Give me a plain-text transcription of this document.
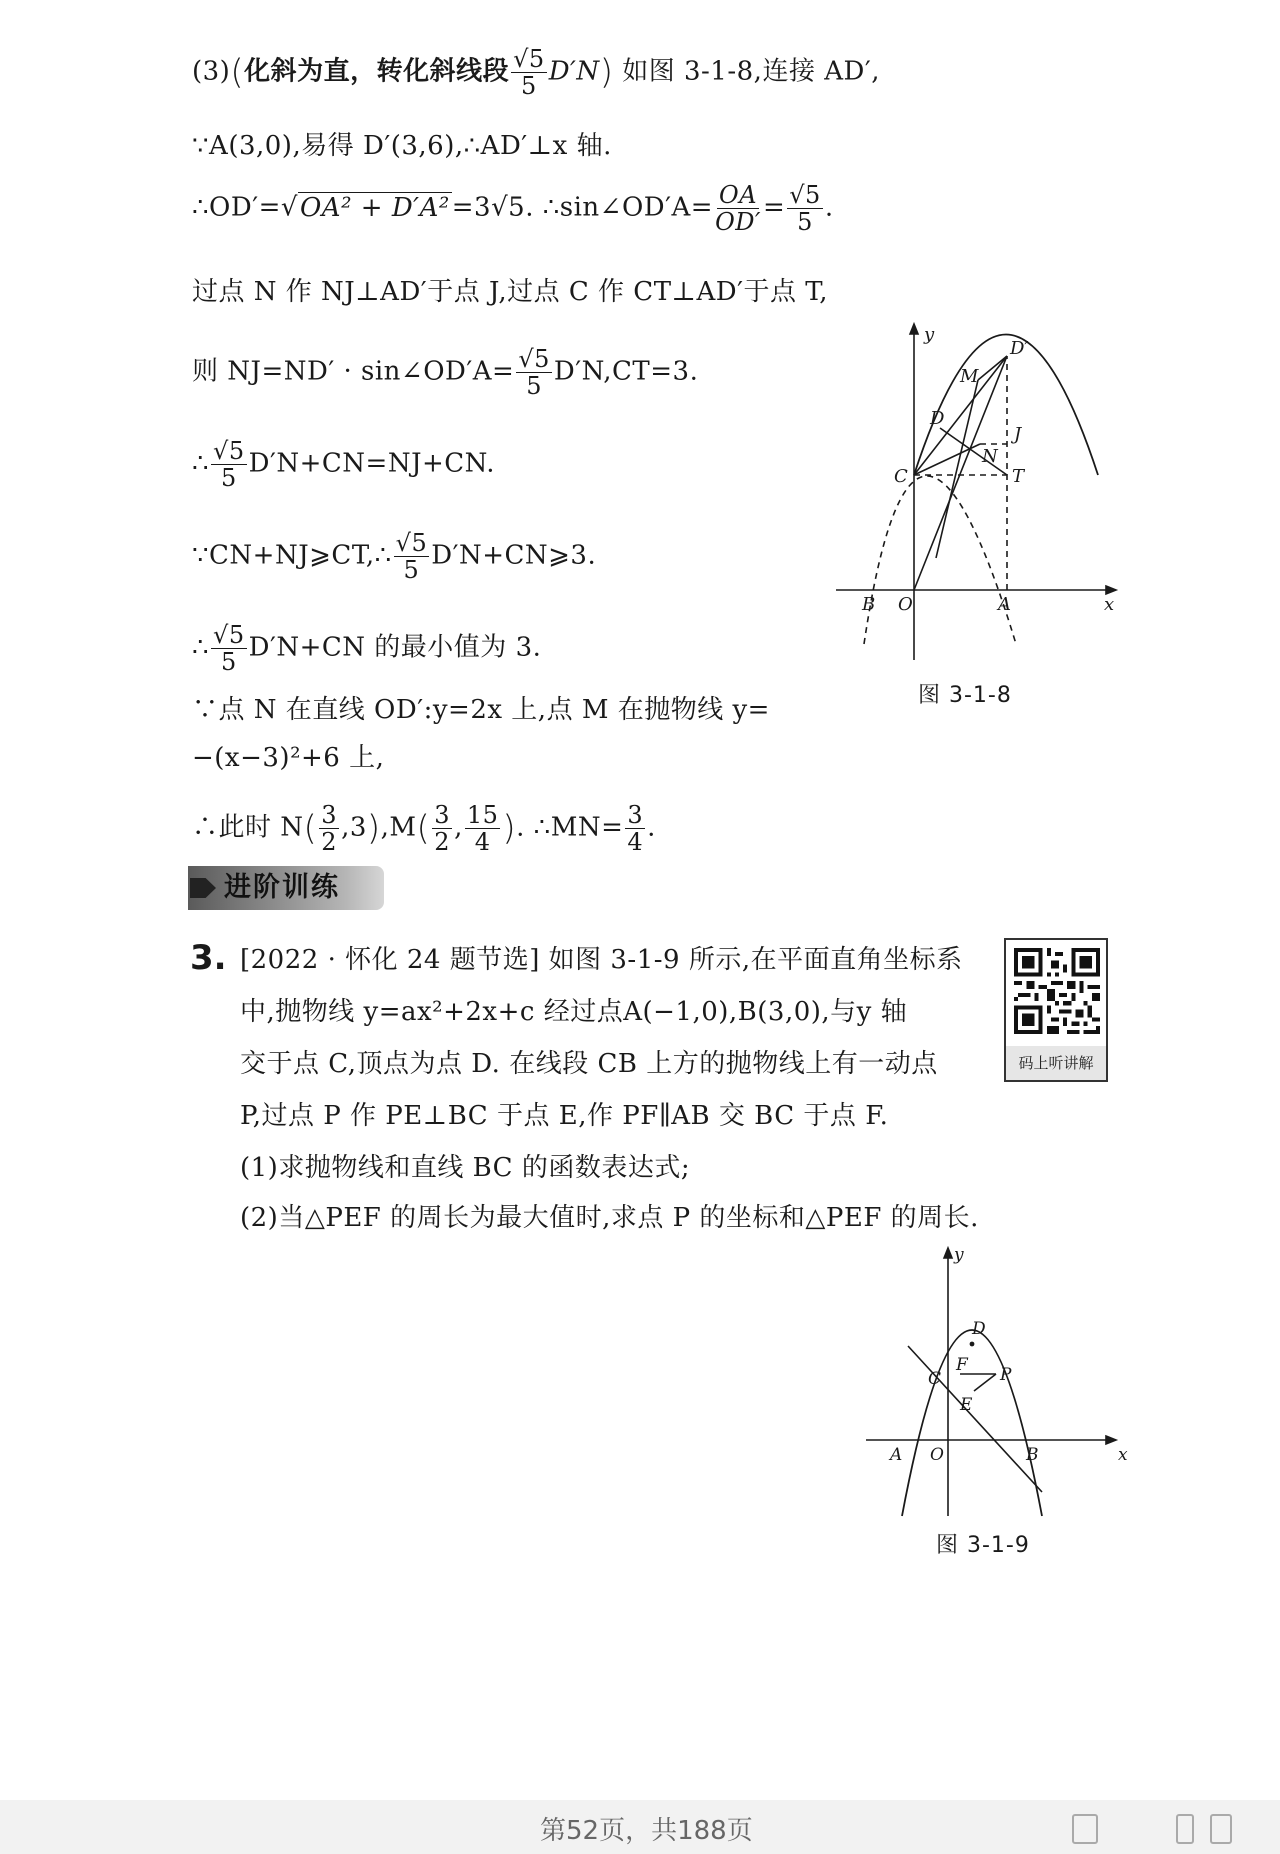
(3)(化斜为直，转化斜线段 $\frac{√5}{5} D'N$) 如图 3-1-8,连接 AD′,
∵A(3,0),易得 D′(3,6),∴AD′⊥x 轴.
∴OD′=√OA² + D′A²=3√5. ∴sin∠OD′A= $\frac{OA}{OD'} = \frac{√5}{5}$ .
过点 N 作 NJ⊥AD′于点 J,过点 C 作 CT⊥AD′于点 T,
则 NJ=ND′ · sin∠OD′A= $\frac{√5}{5} D'N,CT=3$.
∴ $\frac{√5}{5} D'N+CN=NJ+CN$.
∵CN+NJ⩾CT,∴ $\frac{√5}{5}$ D′N+CN⩾3.
∴ $\frac{√5}{5} D'N+CN$ 的最小值为 3.
∵点 N 在直线 OD′:y=2x 上,点 M 在抛物线 y=
−(x−3)²+6 上,
∴此时 $N( \frac{3}{2} ,3),M( \frac{3}{2}$ , $\frac{15}{4}$ ). ∴MN= $\frac{3}{4}$ .
y
x
D′
M
D
J
N
C	T
B O	A
图 3-1-8
进阶训练
3. [2022 · 怀化 24 题节选] 如图 3-1-9 所示,在平面直角坐标系
中,抛物线 y=ax²+2x+c 经过点A(−1,0),B(3,0),与y 轴
交于点 C,顶点为点 D. 在线段 CB 上方的抛物线上有一动点
P,过点 P 作 PE⊥BC 于点 E,作 PF∥AB 交 BC 于点 F.
(1)求抛物线和直线 BC 的函数表达式;
(2)当△PEF 的周长为最大值时,求点 P 的坐标和△PEF 的周长.
码上听讲解
y
x
D
C
F P
E
A O	B
图 3-1-9
第52页，共188页
